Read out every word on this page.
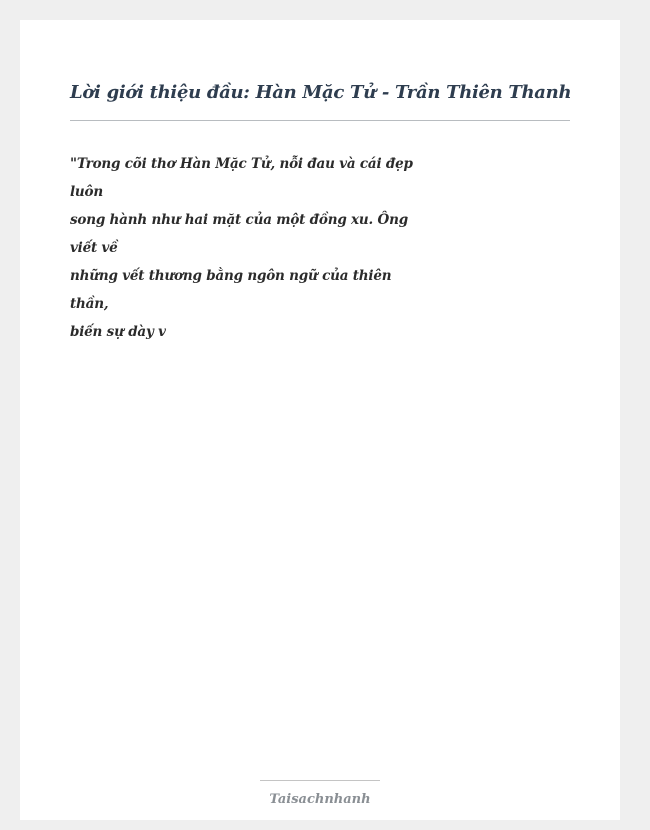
Lời giới thiệu đầu: Hàn Mặc Tử - Trần Thiên Thanh
"Trong cõi thơ Hàn Mặc Tử, nỗi đau và cái đẹp
luôn
song hành như hai mặt của một đồng xu. Ông
viết về
những vết thương bằng ngôn ngữ của thiên
thần,
biến sự dày v
Taisachnhanh
